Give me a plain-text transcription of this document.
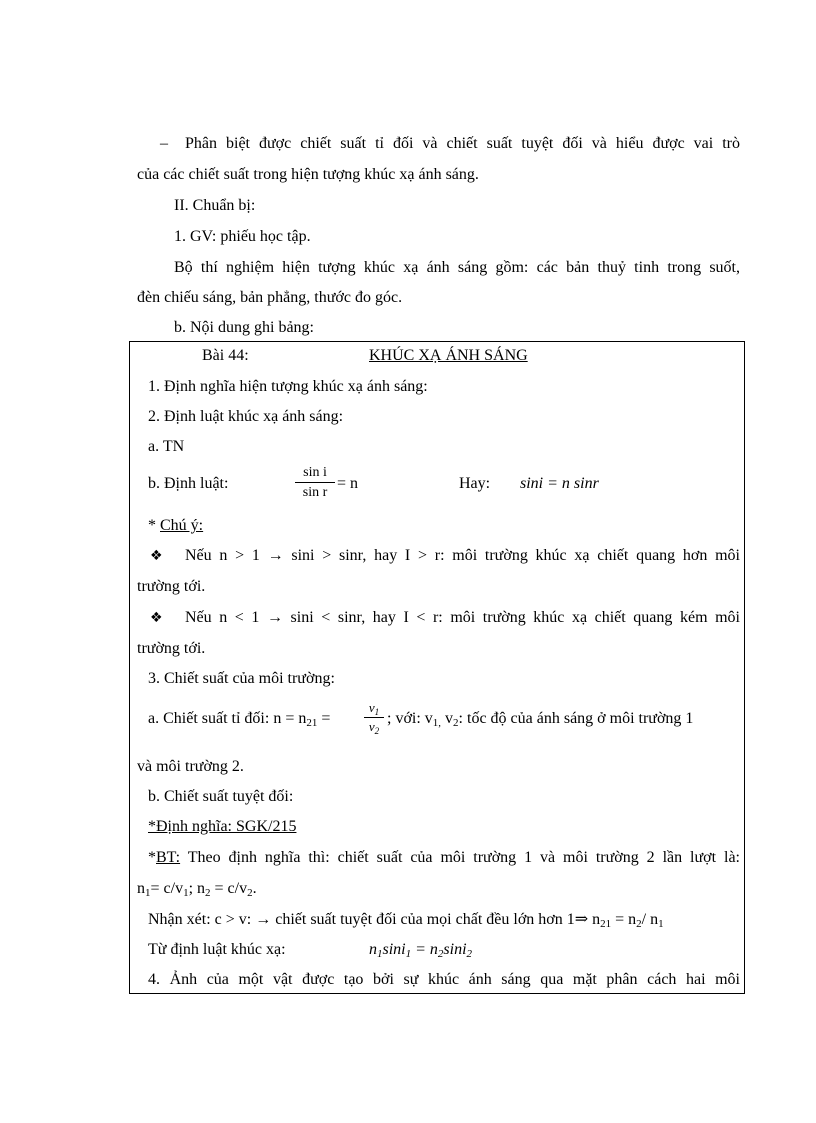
– Phân biệt được chiết suất tỉ đối và chiết suất tuyệt đối và hiểu được vai trò
của các chiết suất trong hiện tượng khúc xạ ánh sáng.
II. Chuẩn bị:
1. GV: phiếu học tập.
Bộ thí nghiệm hiện tượng khúc xạ ánh sáng gồm: các bản thuỷ tinh trong suốt,
đèn chiếu sáng, bản phẳng, thước đo góc.
b. Nội dung ghi bảng:
Bài 44:	KHÚC XẠ ÁNH SÁNG
1. Định nghĩa hiện tượng khúc xạ ánh sáng:
2. Định luật khúc xạ ánh sáng:
a. TN
b. Định luật:	$\frac{\text{sin i}}{\text{sin r}} = n$	Hay: sini = n sinr
* Chú ý:
❖ Nếu n > 1 → sini > sinr, hay I > r: môi trường khúc xạ chiết quang hơn môi
trường tới.
❖ Nếu n < 1 → sini < sinr, hay I < r: môi trường khúc xạ chiết quang kém môi
trường tới.
3. Chiết suất của môi trường:
a. Chiết suất tỉ đối: $n = n_{21}$ =	$\frac{v_1}{v_2}$ ; với: $v_{1,}$ $v_2$: tốc độ của ánh sáng ở môi trường 1
và môi trường 2.
b. Chiết suất tuyệt đối:
*Định nghĩa: SGK/215
*BT: Theo định nghĩa thì: chiết suất của môi trường 1 và môi trường 2 lần lượt là:
$n_1= c/v_1$; $n_2 = c/v_2$.
Nhận xét: c > v: → chiết suất tuyệt đối của mọi chất đều lớn hơn 1⇒ $n_{21} = n_2/$ $n_1$
Từ định luật khúc xạ:	$n_1\sin i_1 = n_2\sin i_2$
4. Ảnh của một vật được tạo bởi sự khúc ánh sáng qua mặt phân cách hai môi
